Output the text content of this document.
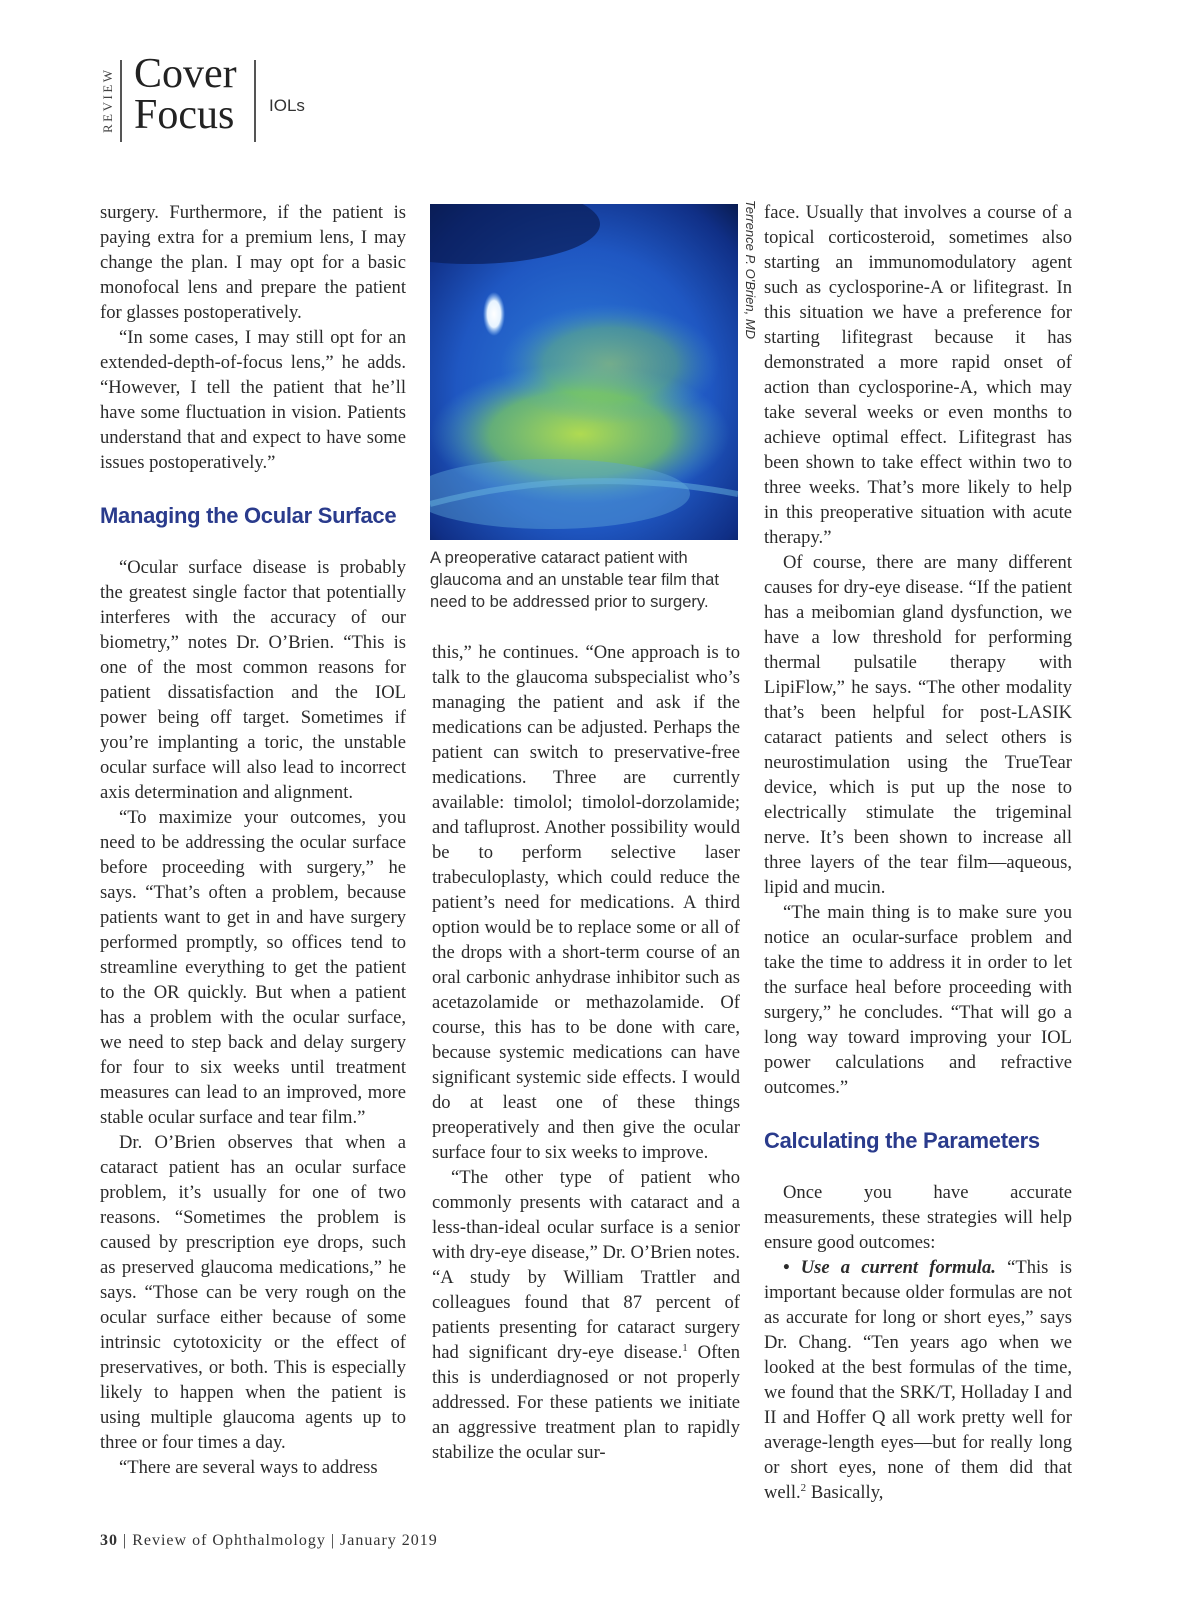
REVIEW Cover
Focus IOLs

surgery. Furthermore, if the patient is paying extra for a premium lens, I may change the plan. I may opt for a basic monofocal lens and prepare the patient for glasses postoperatively.

“In some cases, I may still opt for an extended-depth-of-focus lens,” he adds. “However, I tell the patient that he’ll have some fluctuation in vision. Patients understand that and expect to have some issues postoperatively.”

Managing the Ocular Surface

“Ocular surface disease is probably the greatest single factor that potentially interferes with the accuracy of our biometry,” notes Dr. O’Brien. “This is one of the most common reasons for patient dissatisfaction and the IOL power being off target. Sometimes if you’re implanting a toric, the unstable ocular surface will also lead to incorrect axis determination and alignment.

“To maximize your outcomes, you need to be addressing the ocular surface before proceeding with surgery,” he says. “That’s often a problem, because patients want to get in and have surgery performed promptly, so offices tend to streamline everything to get the patient to the OR quickly. But when a patient has a problem with the ocular surface, we need to step back and delay surgery for four to six weeks until treatment measures can lead to an improved, more stable ocular surface and tear film.”

Dr. O’Brien observes that when a cataract patient has an ocular surface problem, it’s usually for one of two reasons. “Sometimes the problem is caused by prescription eye drops, such as preserved glaucoma medications,” he says. “Those can be very rough on the ocular surface either because of some intrinsic cytotoxicity or the effect of preservatives, or both. This is especially likely to happen when the patient is using multiple glaucoma agents up to three or four times a day.

“There are several ways to address

Terrence P. O'Brien, MD
A preoperative cataract patient with glaucoma and an unstable tear film that need to be addressed prior to surgery.

this,” he continues. “One approach is to talk to the glaucoma subspecialist who’s managing the patient and ask if the medications can be adjusted. Perhaps the patient can switch to preservative-free medications. Three are currently available: timolol; timolol-dorzolamide; and tafluprost. Another possibility would be to perform selective laser trabeculoplasty, which could reduce the patient’s need for medications. A third option would be to replace some or all of the drops with a short-term course of an oral carbonic anhydrase inhibitor such as acetazolamide or methazolamide. Of course, this has to be done with care, because systemic medications can have significant systemic side effects. I would do at least one of these things preoperatively and then give the ocular surface four to six weeks to improve.

“The other type of patient who commonly presents with cataract and a less-than-ideal ocular surface is a senior with dry-eye disease,” Dr. O’Brien notes. “A study by William Trattler and colleagues found that 87 percent of patients presenting for cataract surgery had significant dry-eye disease.$^1$ Often this is underdiagnosed or not properly addressed. For these patients we initiate an aggressive treatment plan to rapidly stabilize the ocular sur-

face. Usually that involves a course of a topical corticosteroid, sometimes also starting an immunomodulatory agent such as cyclosporine-A or lifitegrast. In this situation we have a preference for starting lifitegrast because it has demonstrated a more rapid onset of action than cyclosporine-A, which may take several weeks or even months to achieve optimal effect. Lifitegrast has been shown to take effect within two to three weeks. That’s more likely to help in this preoperative situation with acute therapy.”

Of course, there are many different causes for dry-eye disease. “If the patient has a meibomian gland dysfunction, we have a low threshold for performing thermal pulsatile therapy with LipiFlow,” he says. “The other modality that’s been helpful for post-LASIK cataract patients and select others is neurostimulation using the TrueTear device, which is put up the nose to electrically stimulate the trigeminal nerve. It’s been shown to increase all three layers of the tear film—aqueous, lipid and mucin.

“The main thing is to make sure you notice an ocular-surface problem and take the time to address it in order to let the surface heal before proceeding with surgery,” he concludes. “That will go a long way toward improving your IOL power calculations and refractive outcomes.”

Calculating the Parameters

Once you have accurate measurements, these strategies will help ensure good outcomes:

• Use a current formula. “This is important because older formulas are not as accurate for long or short eyes,” says Dr. Chang. “Ten years ago when we looked at the best formulas of the time, we found that the SRK/T, Holladay I and II and Hoffer Q all work pretty well for average-length eyes—but for really long or short eyes, none of them did that well.$^2$ Basically,

30 | Review of Ophthalmology | January 2019
